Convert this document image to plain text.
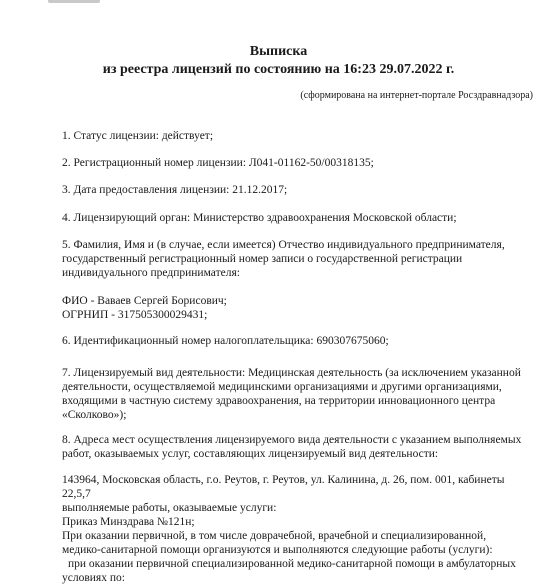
Выписка
из реестра лицензий по состоянию на 16:23 29.07.2022 г.
(сформирована на интернет-портале Росздравнадзора)
1. Статус лицензии: действует;
2. Регистрационный номер лицензии: Л041-01162-50/00318135;
3. Дата предоставления лицензии: 21.12.2017;
4. Лицензирующий орган: Министерство здравоохранения Московской области;
5. Фамилия, Имя и (в случае, если имеется) Отчество индивидуального предпринимателя,
государственный регистрационный номер записи о государственной регистрации
индивидуального предпринимателя:
ФИО - Ваваев Сергей Борисович;
ОГРНИП - 317505300029431;
6. Идентификационный номер налогоплательщика: 690307675060;
7. Лицензируемый вид деятельности: Медицинская деятельность (за исключением указанной
деятельности, осуществляемой медицинскими организациями и другими организациями,
входящими в частную систему здравоохранения, на территории инновационного центра
«Сколково»);
8. Адреса мест осуществления лицензируемого вида деятельности с указанием выполняемых
работ, оказываемых услуг, составляющих лицензируемый вид деятельности:
143964, Московская область, г.о. Реутов, г. Реутов, ул. Калинина, д. 26, пом. 001, кабинеты
22,5,7
выполняемые работы, оказываемые услуги:
Приказ Минздрава №121н;
При оказании первичной, в том числе доврачебной, врачебной и специализированной,
медико-санитарной помощи организуются и выполняются следующие работы (услуги):
при оказании первичной специализированной медико-санитарной помощи в амбулаторных
условиях по:
